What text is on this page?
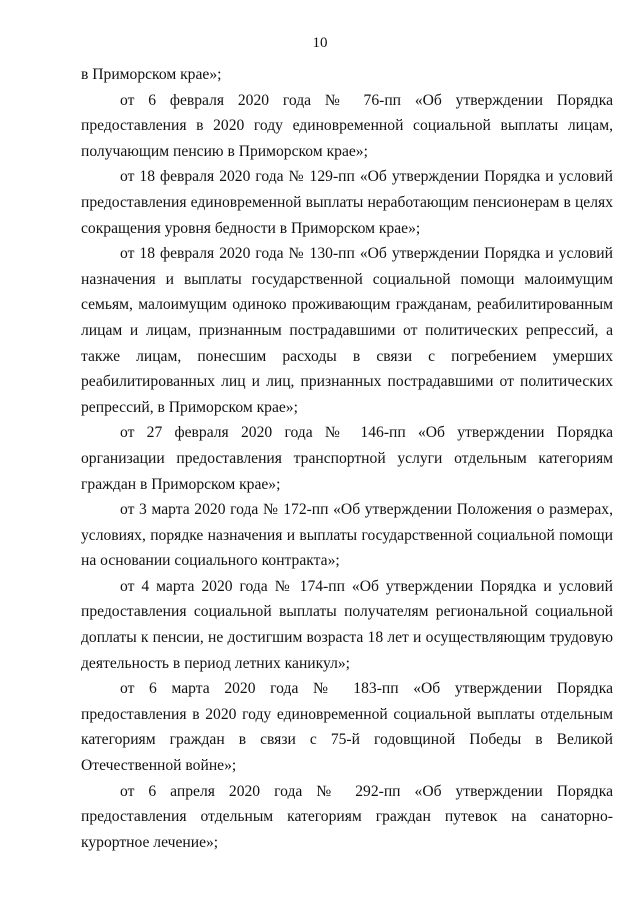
10

в Приморском крае»;

от 6 февраля 2020 года № 76-пп «Об утверждении Порядка предоставления в 2020 году единовременной социальной выплаты лицам, получающим пенсию в Приморском крае»;

от 18 февраля 2020 года № 129-пп «Об утверждении Порядка и условий предоставления единовременной выплаты неработающим пенсионерам в целях сокращения уровня бедности в Приморском крае»;

от 18 февраля 2020 года № 130-пп «Об утверждении Порядка и условий назначения и выплаты государственной социальной помощи малоимущим семьям, малоимущим одиноко проживающим гражданам, реабилитированным лицам и лицам, признанным пострадавшими от политических репрессий, а также лицам, понесшим расходы в связи с погребением умерших реабилитированных лиц и лиц, признанных пострадавшими от политических репрессий, в Приморском крае»;

от 27 февраля 2020 года № 146-пп «Об утверждении Порядка организации предоставления транспортной услуги отдельным категориям граждан в Приморском крае»;

от 3 марта 2020 года № 172-пп «Об утверждении Положения о размерах, условиях, порядке назначения и выплаты государственной социальной помощи на основании социального контракта»;

от 4 марта 2020 года № 174-пп «Об утверждении Порядка и условий предоставления социальной выплаты получателям региональной социальной доплаты к пенсии, не достигшим возраста 18 лет и осуществляющим трудовую деятельность в период летних каникул»;

от 6 марта 2020 года № 183-пп «Об утверждении Порядка предоставления в 2020 году единовременной социальной выплаты отдельным категориям граждан в связи с 75-й годовщиной Победы в Великой Отечественной войне»;

от 6 апреля 2020 года № 292-пп «Об утверждении Порядка предоставления отдельным категориям граждан путевок на санаторно-курортное лечение»;
